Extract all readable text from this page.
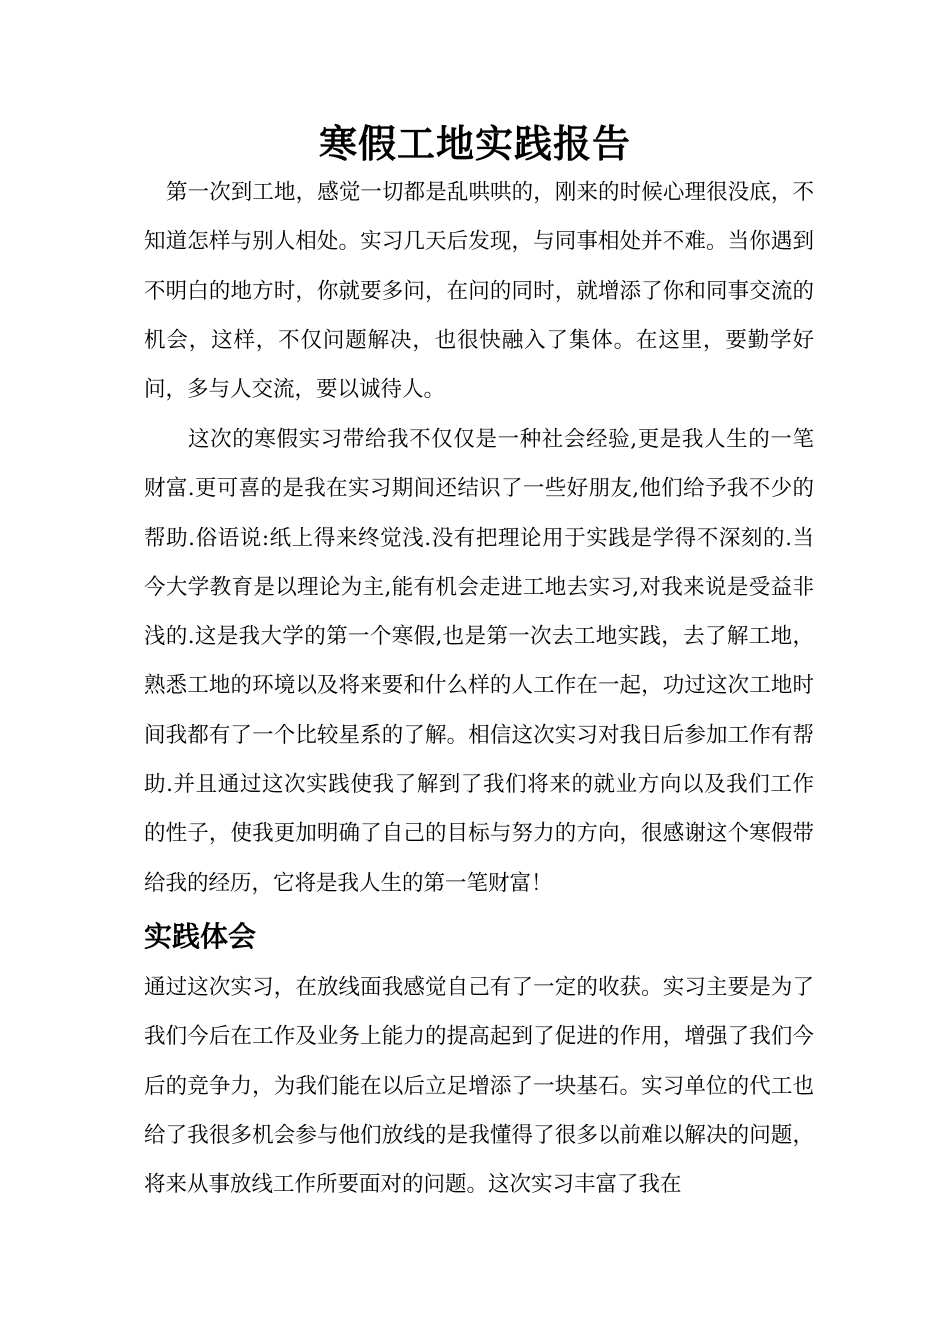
寒假工地实践报告
第一次到工地，感觉一切都是乱哄哄的，刚来的时候心理很没底，不知道怎样与别人相处。实习几天后发现，与同事相处并不难。当你遇到不明白的地方时，你就要多问，在问的同时，就增添了你和同事交流的机会，这样，不仅问题解决，也很快融入了集体。在这里，要勤学好问，多与人交流，要以诚待人。
这次的寒假实习带给我不仅仅是一种社会经验,更是我人生的一笔财富.更可喜的是我在实习期间还结识了一些好朋友,他们给予我不少的帮助.俗语说:纸上得来终觉浅.没有把理论用于实践是学得不深刻的.当今大学教育是以理论为主,能有机会走进工地去实习,对我来说是受益非浅的.这是我大学的第一个寒假,也是第一次去工地实践，去了解工地，熟悉工地的环境以及将来要和什么样的人工作在一起，功过这次工地时间我都有了一个比较星系的了解。相信这次实习对我日后参加工作有帮助.并且通过这次实践使我了解到了我们将来的就业方向以及我们工作的性子，使我更加明确了自己的目标与努力的方向，很感谢这个寒假带给我的经历，它将是我人生的第一笔财富！
实践体会
通过这次实习，在放线面我感觉自己有了一定的收获。实习主要是为了我们今后在工作及业务上能力的提高起到了促进的作用，增强了我们今后的竞争力，为我们能在以后立足增添了一块基石。实习单位的代工也给了我很多机会参与他们放线的是我懂得了很多以前难以解决的问题，将来从事放线工作所要面对的问题。这次实习丰富了我在
